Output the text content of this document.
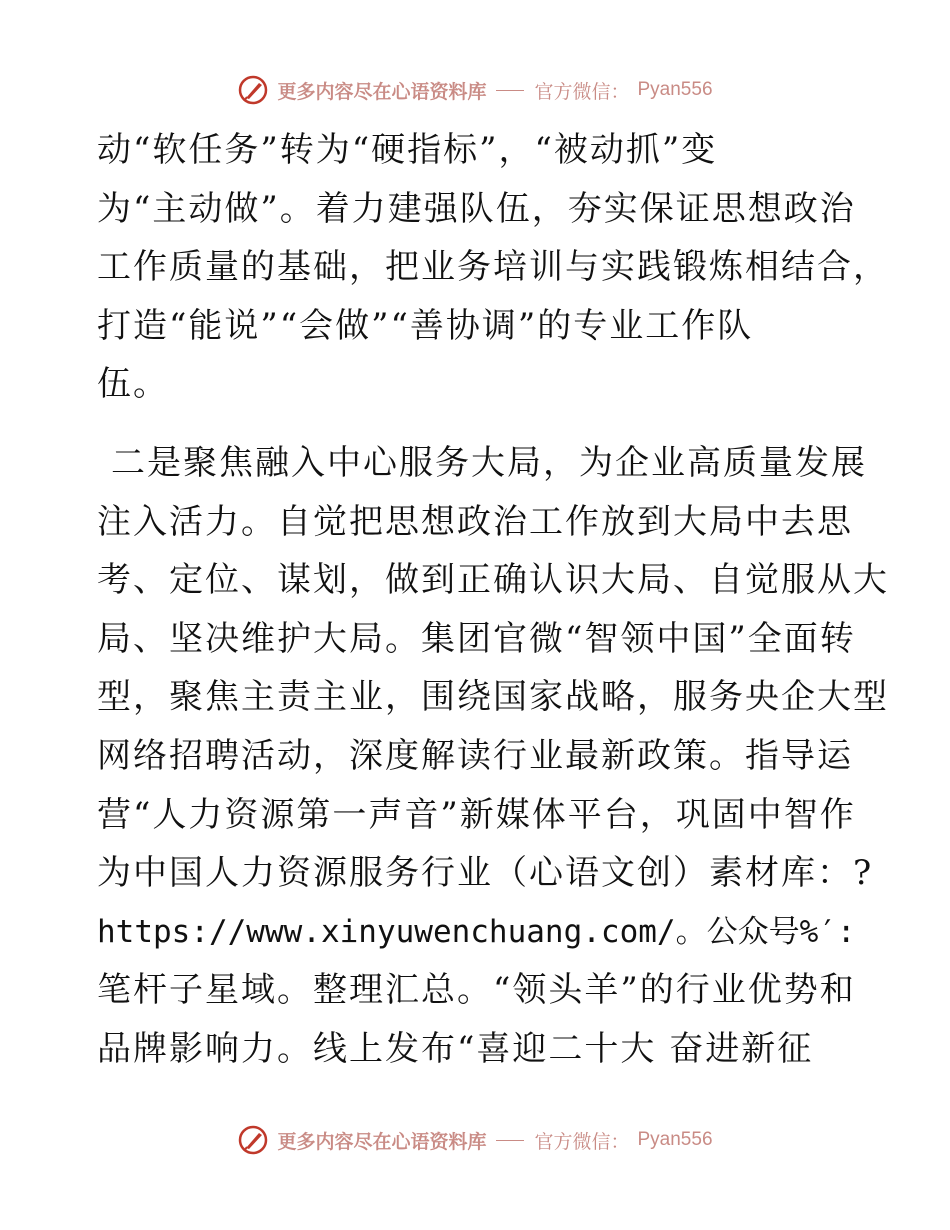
更多内容尽在心语资料库	官方微信： Pyan556
动“软任务”转为“硬指标”，“被动抓”变
为“主动做”。着力建强队伍，夯实保证思想政治
工作质量的基础，把业务培训与实践锻炼相结合，
打造“能说”“会做”“善协调”的专业工作队
伍。
二是聚焦融入中心服务大局，为企业高质量发展
注入活力。自觉把思想政治工作放到大局中去思
考、定位、谋划，做到正确认识大局、自觉服从大
局、坚决维护大局。集团官微“智领中国”全面转
型，聚焦主责主业，围绕国家战略，服务央企大型
网络招聘活动，深度解读行业最新政策。指导运
营“人力资源第一声音”新媒体平台，巩固中智作
为中国人力资源服务行业（心语文创）素材库：?
https://www.xinyuwenchuang.com/。公众号%′:
笔杆子星域。整理汇总。“领头羊”的行业优势和
品牌影响力。线上发布“喜迎二十大 奋进新征
更多内容尽在心语资料库	官方微信： Pyan556
